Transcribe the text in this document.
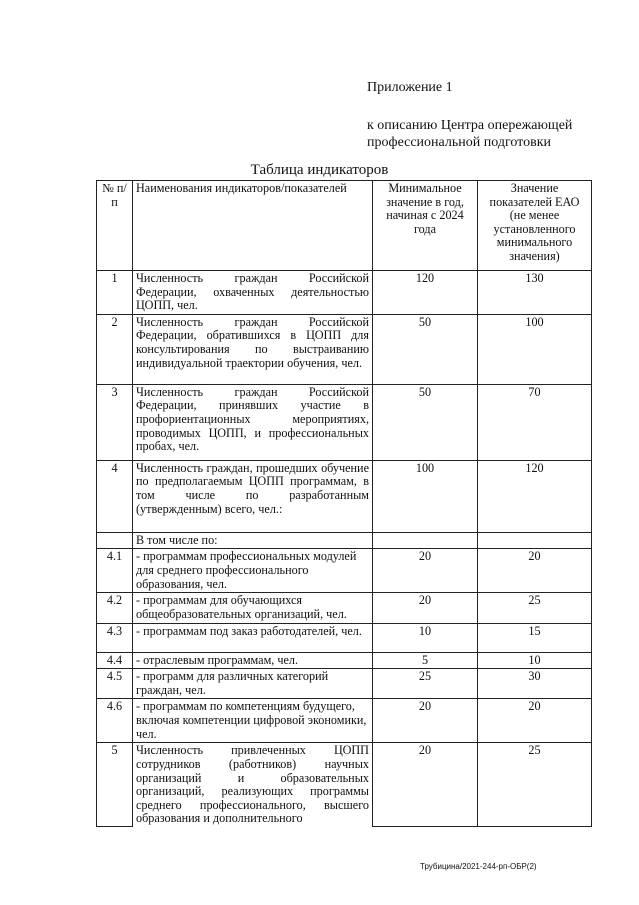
Приложение 1
к описанию Центра опережающей профессиональной подготовки
Таблица индикаторов
№ п/п	Наименования индикаторов/показателей	Минимальное значение в год, начиная с 2024 года	Значение показателей ЕАО (не менее установленного минимального значения)
1	Численность граждан Российской Федерации, охваченных деятельностью ЦОПП, чел.	120	130
2	Численность граждан Российской Федерации, обратившихся в ЦОПП для консультирования по выстраиванию индивидуальной траектории обучения, чел.	50	100
3	Численность граждан Российской Федерации, принявших участие в профориентационных мероприятиях, проводимых ЦОПП, и профессиональных пробах, чел.	50	70
4	Численность граждан, прошедших обучение по предполагаемым ЦОПП программам, в том числе по разработанным (утвержденным) всего, чел.:	100	120
	В том числе по:		
4.1	- программам профессиональных модулей для среднего профессионального образования, чел.	20	20
4.2	- программам для обучающихся общеобразовательных организаций, чел.	20	25
4.3	- программам под заказ работодателей, чел.	10	15
4.4	- отраслевым программам, чел.	5	10
4.5	- программ для различных категорий граждан, чел.	25	30
4.6	- программам по компетенциям будущего, включая компетенции цифровой экономики, чел.	20	20
5	Численность привлеченных ЦОПП сотрудников (работников) научных организаций и образовательных организаций, реализующих программы среднего профессионального, высшего образования и дополнительного	20	25
Трубицина/2021-244-рп-ОБР(2)
